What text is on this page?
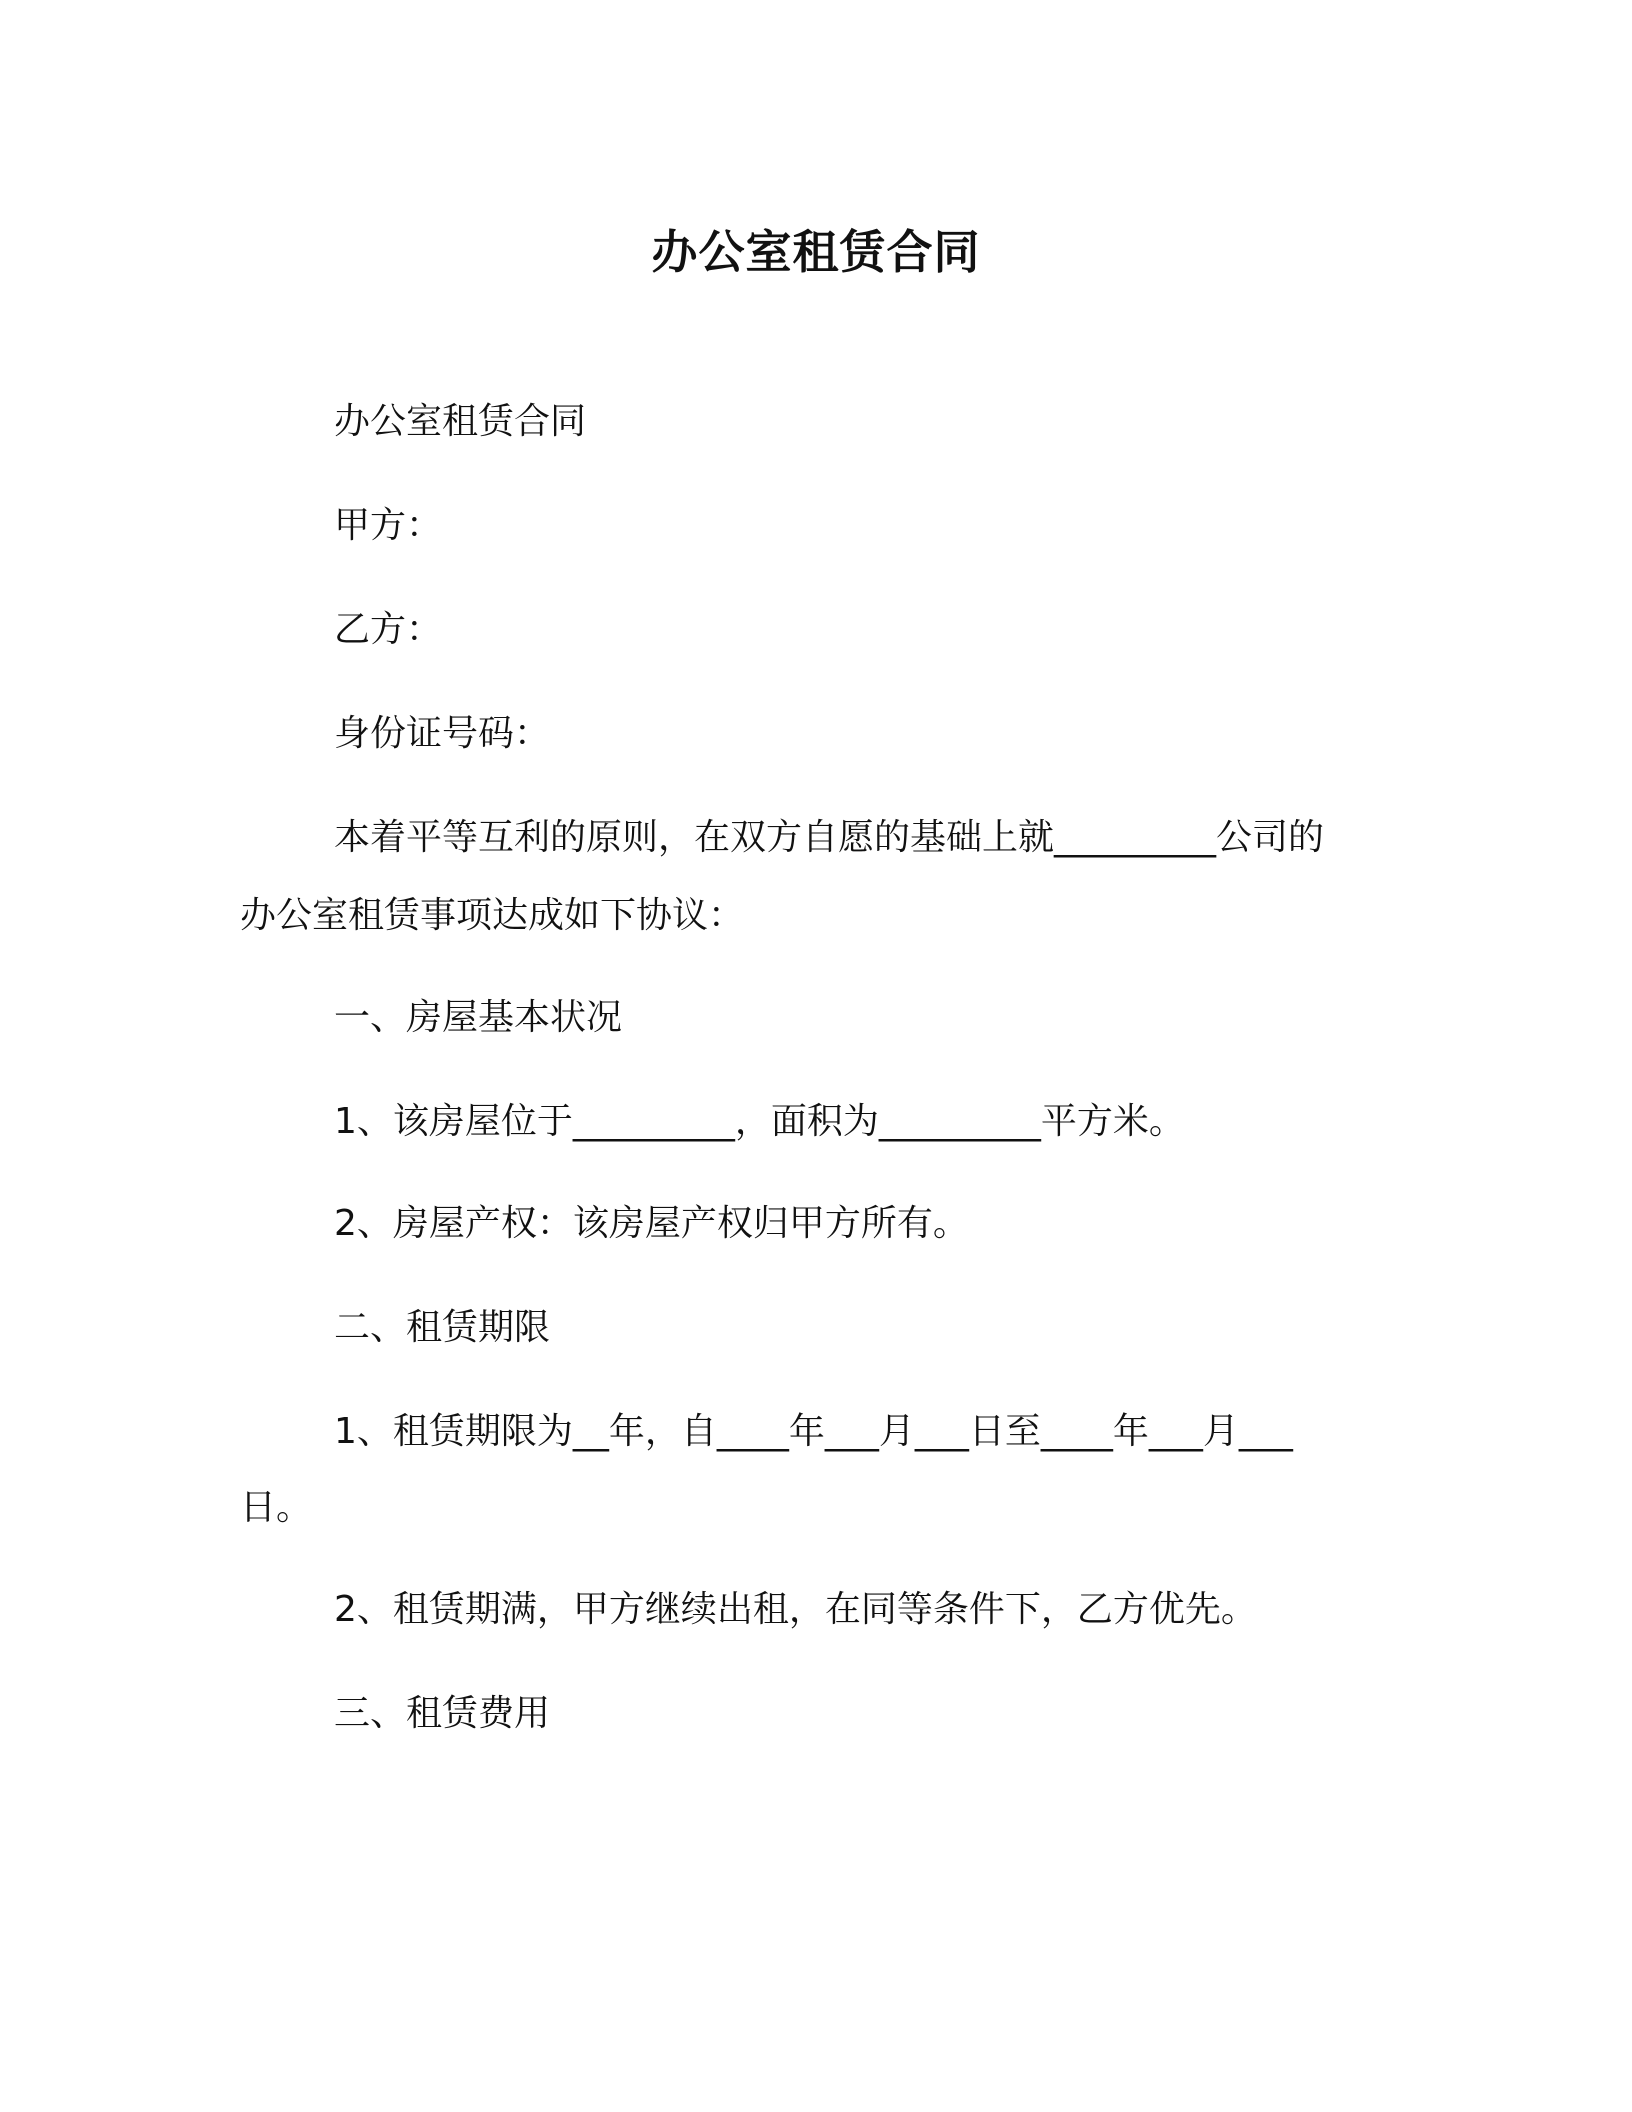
办公室租赁合同
办公室租赁合同
甲方：
乙方：
身份证号码：
本着平等互利的原则，在双方自愿的基础上就_________公司的
办公室租赁事项达成如下协议：
一、房屋基本状况
1、该房屋位于_________，面积为_________平方米。
2、房屋产权：该房屋产权归甲方所有。
二、租赁期限
1、租赁期限为__年，自____年___月___日至____年___月___
日。
2、租赁期满，甲方继续出租，在同等条件下，乙方优先。
三、租赁费用
